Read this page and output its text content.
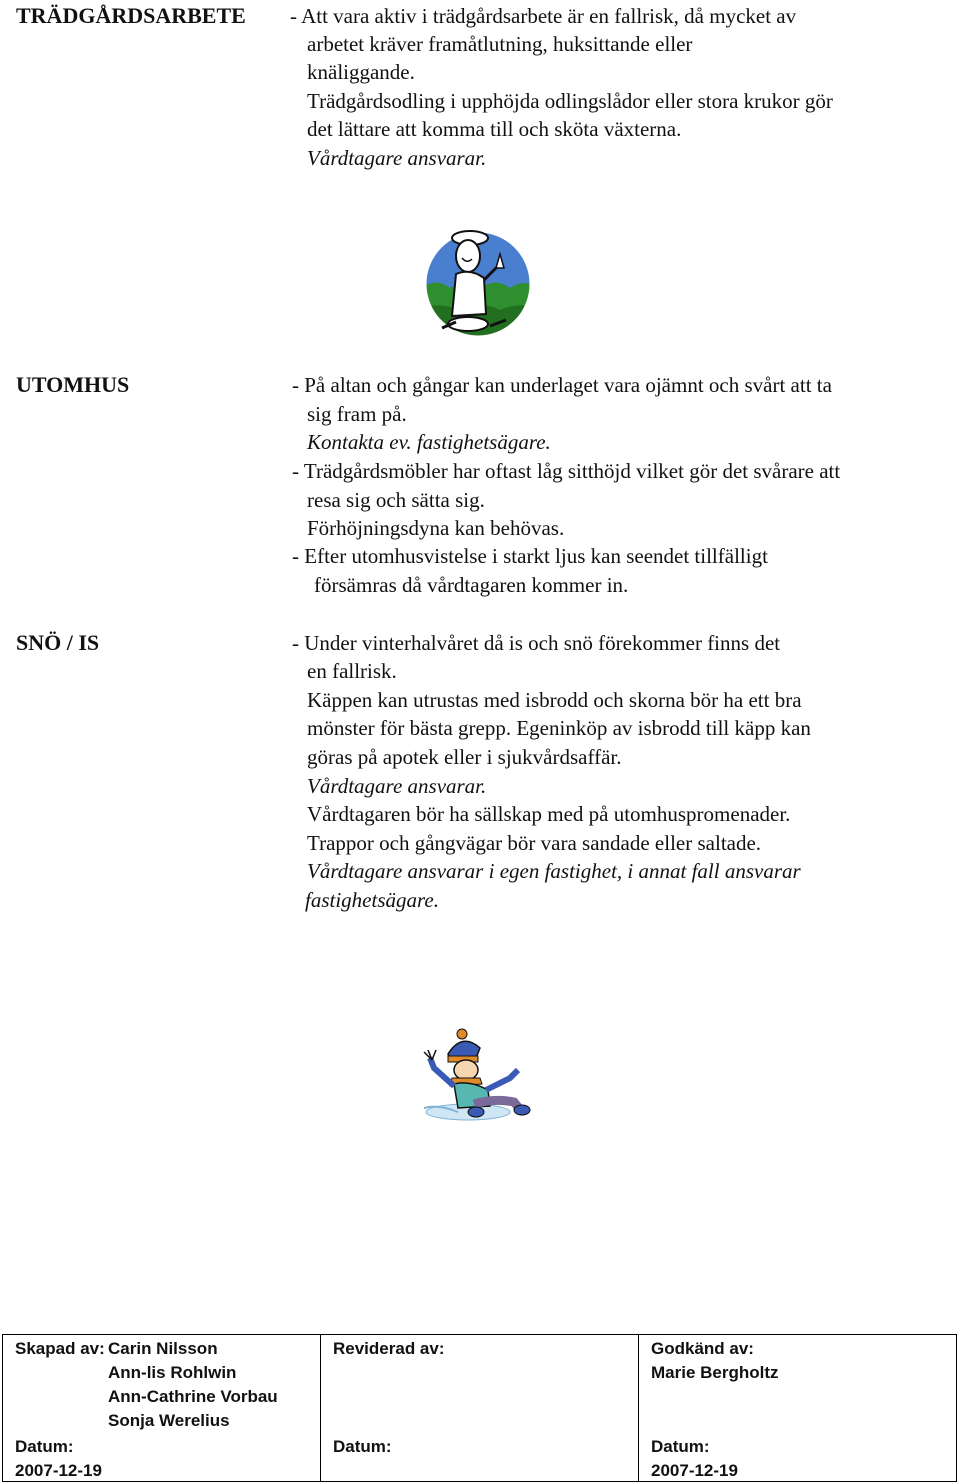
TRÄDGÅRDSARBETE - Att vara aktiv i trädgårdsarbete är en fallrisk, då mycket av
arbetet kräver framåtlutning, huksittande eller
knäliggande.
Trädgårdsodling i upphöjda odlingslådor eller stora krukor gör
det lättare att komma till och sköta växterna.
Vårdtagare ansvarar.
UTOMHUS	- På altan och gångar kan underlaget vara ojämnt och svårt att ta
sig fram på.
Kontakta ev. fastighetsägare.
- Trädgårdsmöbler har oftast låg sitthöjd vilket gör det svårare att
resa sig och sätta sig.
Förhöjningsdyna kan behövas.
- Efter utomhusvistelse i starkt ljus kan seendet tillfälligt
försämras då vårdtagaren kommer in.
SNÖ / IS	- Under vinterhalvåret då is och snö förekommer finns det
en fallrisk.
Käppen kan utrustas med isbrodd och skorna bör ha ett bra
mönster för bästa grepp. Egeninköp av isbrodd till käpp kan
göras på apotek eller i sjukvårdsaffär.
Vårdtagare ansvarar.
Vårdtagaren bör ha sällskap med på utomhuspromenader.
Trappor och gångvägar bör vara sandade eller saltade.
Vårdtagare ansvarar i egen fastighet, i annat fall ansvarar
fastighetsägare.
Skapad av: Carin Nilsson
Ann-lis Rohlwin
Ann-Cathrine Vorbau
Sonja Werelius
Datum:
2007-12-19
Reviderad av:
Datum:
Godkänd av:
Marie Bergholtz
Datum:
2007-12-19
